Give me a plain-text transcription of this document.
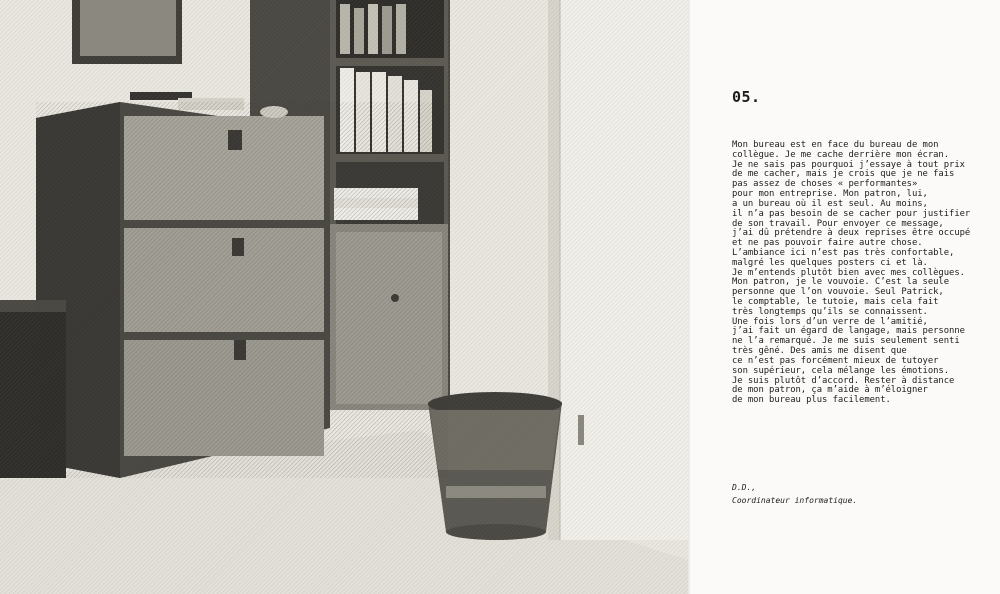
05.

Mon bureau est en face du bureau de mon
collègue. Je me cache derrière mon écran.
Je ne sais pas pourquoi j’essaye à tout prix
de me cacher, mais je crois que je ne fais
pas assez de choses « performantes»
pour mon entreprise. Mon patron, lui,
a un bureau où il est seul. Au moins,
il n’a pas besoin de se cacher pour justifier
de son travail. Pour envoyer ce message,
j’ai dû prétendre à deux reprises être occupé
et ne pas pouvoir faire autre chose.
L’ambiance ici n’est pas très confortable,
malgré les quelques posters ci et là.
Je m’entends plutôt bien avec mes collègues.
Mon patron, je le vouvoie. C’est la seule
personne que l’on vouvoie. Seul Patrick,
le comptable, le tutoie, mais cela fait
très longtemps qu’ils se connaissent.
Une fois lors d’un verre de l’amitié,
j’ai fait un égard de langage, mais personne
ne l’a remarqué. Je me suis seulement senti
très gêné. Des amis me disent que
ce n’est pas forcément mieux de tutoyer
son supérieur, cela mélange les émotions.
Je suis plutôt d’accord. Rester à distance
de mon patron, ça m’aide à m’éloigner
de mon bureau plus facilement.

D.D.,
Coordinateur informatique.
